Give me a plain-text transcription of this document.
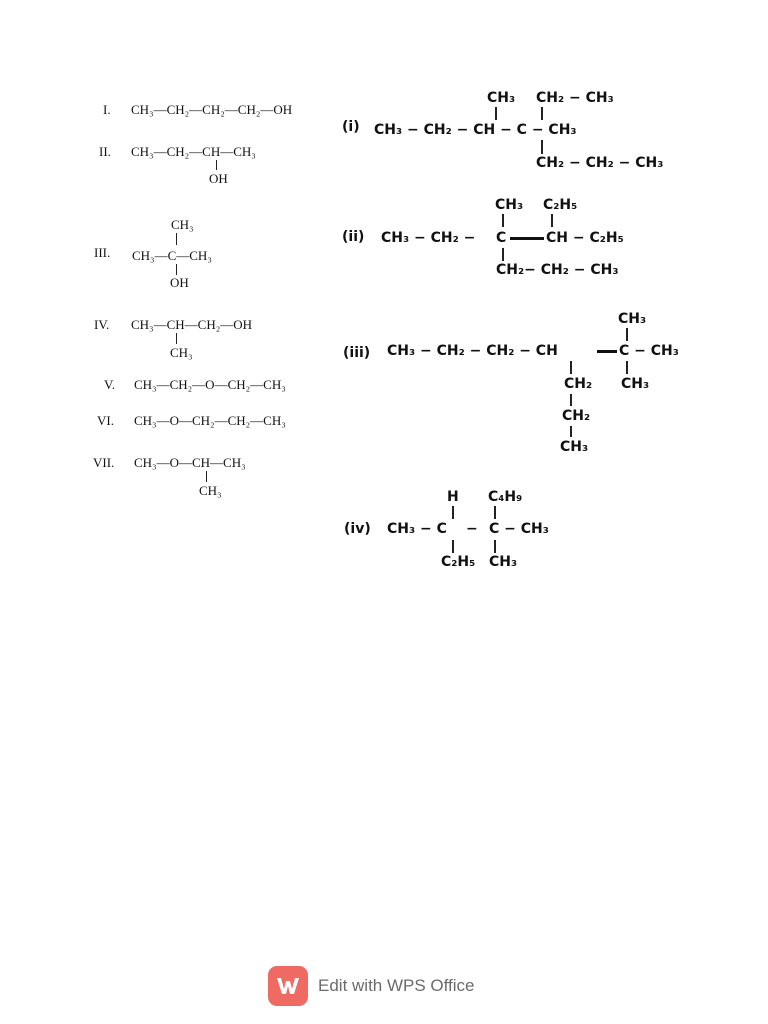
I. CH₃—CH₂—CH₂—CH₂—OH
II. CH₃—CH₂—CH—CH₃
OH
CH₃
III. CH₃—C—CH₃
OH
IV. CH₃—CH—CH₂—OH
CH₃
V. CH₃—CH₂—O—CH₂—CH₃
VI. CH₃—O—CH₂—CH₂—CH₃
VII. CH₃—O—CH—CH₃
CH₃
CH₃ CH₂ − CH₃
(i) CH₃ − CH₂ − CH − C − CH₃
CH₂ − CH₂ − CH₃
CH₃ C₂H₅
(ii) CH₃ − CH₂ − C	CH − C₂H₅
CH₂− CH₂ − CH₃
CH₃
(iii) CH₃ − CH₂ − CH₂ − CH	C − CH₃
CH₂ CH₃
CH₂
CH₃
H C₄H₉
(iv) CH₃ − C − C − CH₃
C₂H₅ CH₃
Edit with WPS Office
